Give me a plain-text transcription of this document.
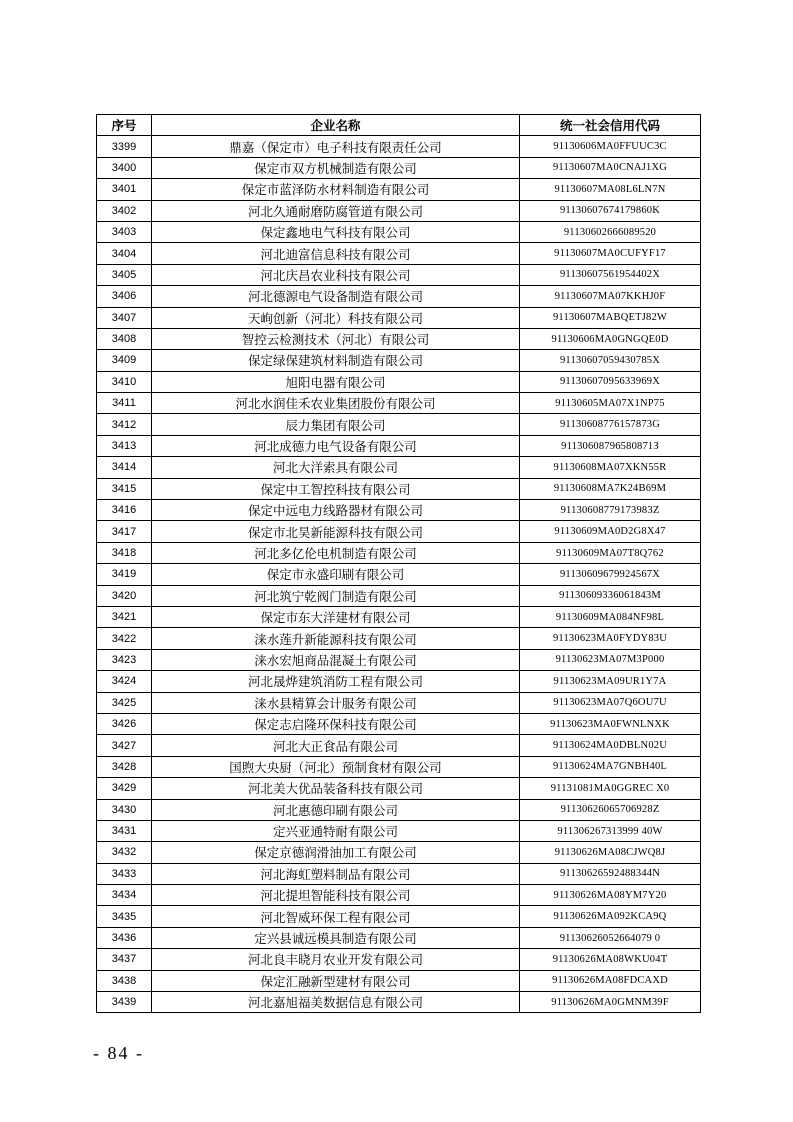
序号	企业名称	统一社会信用代码
3399	鼎嘉（保定市）电子科技有限责任公司	91130606MA0FFUUC3C
3400	保定市双方机械制造有限公司	91130607MA0CNAJ1XG
3401	保定市蓝泽防水材料制造有限公司	91130607MA08L6LN7N
3402	河北久通耐磨防腐管道有限公司	91130607674179860K
3403	保定鑫地电气科技有限公司	91130602666089520
3404	河北迪富信息科技有限公司	91130607MA0CUFYF17
3405	河北庆昌农业科技有限公司	91130607561954402X
3406	河北德源电气设备制造有限公司	91130607MA07KKHJ0F
3407	天峋创新（河北）科技有限公司	91130607MABQETJ82W
3408	智控云检测技术（河北）有限公司	91130606MA0GNGQE0D
3409	保定绿保建筑材料制造有限公司	91130607059430785X
3410	旭阳电器有限公司	91130607095633969X
3411	河北水润佳禾农业集团股份有限公司	91130605MA07X1NP75
3412	辰力集团有限公司	91130608776157873G
3413	河北成德力电气设备有限公司	91130608796580871З
3414	河北大洋索具有限公司	91130608MA07XKN55R
3415	保定中工智控科技有限公司	91130608MA7K24B69M
3416	保定中远电力线路器材有限公司	91130608779173983Z
3417	保定市北昊新能源科技有限公司	91130609MA0D2G8X47
3418	河北多亿伦电机制造有限公司	91130609MA07T8Q762
3419	保定市永盛印刷有限公司	91130609679924567X
3420	河北筑宁乾阀门制造有限公司	91130609336061843M
3421	保定市东大洋建材有限公司	91130609MA084NF98L
3422	涞水莲升新能源科技有限公司	91130623MA0FYDY83U
3423	涞水宏旭商品混凝土有限公司	91130623MA07M3P000
3424	河北晟烨建筑消防工程有限公司	91130623MA09UR1Y7A
3425	涞水县精算会计服务有限公司	91130623MA07Q6OU7U
3426	保定志启隆环保科技有限公司	91130623MA0FWNLNXK
3427	河北大正食品有限公司	91130624MA0DBLN02U
3428	国煦大央厨（河北）预制食材有限公司	91130624MA7GNBH40L
3429	河北美大优品装备科技有限公司	91131081MA0GGREC X0
3430	河北惠德印刷有限公司	91130626065706928Z
3431	定兴亚通特耐有限公司	911306267313999 40W
3432	保定京德润滑油加工有限公司	91130626MA08CJWQ8J
3433	河北海虹塑料制品有限公司	91130626592488344N
3434	河北提坦智能科技有限公司	91130626MA08YM7Y20
3435	河北智威环保工程有限公司	91130626MA092KCA9Q
3436	定兴县诚远模具制造有限公司	91130626052664079 0
3437	河北良丰晓月农业开发有限公司	91130626MA08WKU04T
3438	保定汇融新型建材有限公司	91130626MA08FDCAXD
3439	河北嘉旭福美数据信息有限公司	91130626MA0GMNM39F
- 84 -
